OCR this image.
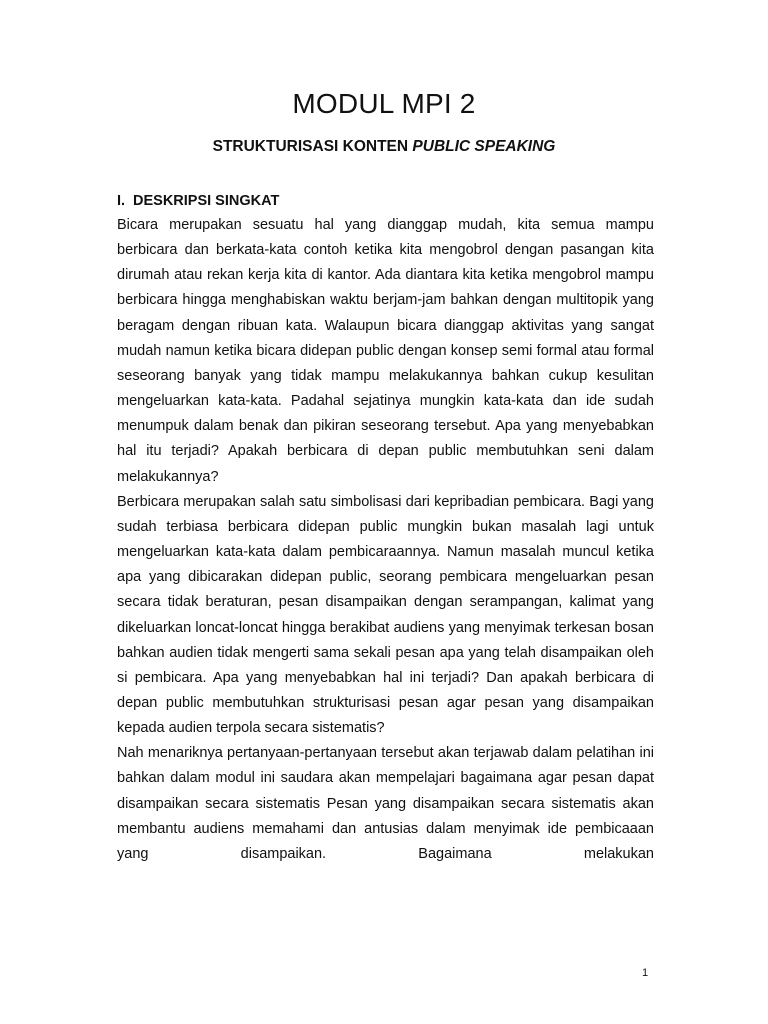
MODUL MPI 2
STRUKTURISASI KONTEN PUBLIC SPEAKING
I. DESKRIPSI SINGKAT

Bicara merupakan sesuatu hal yang dianggap mudah, kita semua mampu berbicara dan berkata-kata contoh ketika kita mengobrol dengan pasangan kita dirumah atau rekan kerja kita di kantor. Ada diantara kita ketika mengobrol mampu berbicara hingga menghabiskan waktu berjam-jam bahkan dengan multitopik yang beragam dengan ribuan kata. Walaupun bicara dianggap aktivitas yang sangat mudah namun ketika bicara didepan public dengan konsep semi formal atau formal seseorang banyak yang tidak mampu melakukannya bahkan cukup kesulitan mengeluarkan kata-kata. Padahal sejatinya mungkin kata-kata dan ide sudah menumpuk dalam benak dan pikiran seseorang tersebut. Apa yang menyebabkan hal itu terjadi? Apakah berbicara di depan public membutuhkan seni dalam melakukannya?

Berbicara merupakan salah satu simbolisasi dari kepribadian pembicara. Bagi yang sudah terbiasa berbicara didepan public mungkin bukan masalah lagi untuk mengeluarkan kata-kata dalam pembicaraannya. Namun masalah muncul ketika apa yang dibicarakan didepan public, seorang pembicara mengeluarkan pesan secara tidak beraturan, pesan disampaikan dengan serampangan, kalimat yang dikeluarkan loncat-loncat hingga berakibat audiens yang menyimak terkesan bosan bahkan audien tidak mengerti sama sekali pesan apa yang telah disampaikan oleh si pembicara. Apa yang menyebabkan hal ini terjadi? Dan apakah berbicara di depan public membutuhkan strukturisasi pesan agar pesan yang disampaikan kepada audien terpola secara sistematis?

Nah menariknya pertanyaan-pertanyaan tersebut akan terjawab dalam pelatihan ini bahkan dalam modul ini saudara akan mempelajari bagaimana agar pesan dapat disampaikan secara sistematis Pesan yang disampaikan secara sistematis akan membantu audiens memahami dan antusias dalam menyimak ide pembicaaan yang disampaikan. Bagaimana melakukan

1
